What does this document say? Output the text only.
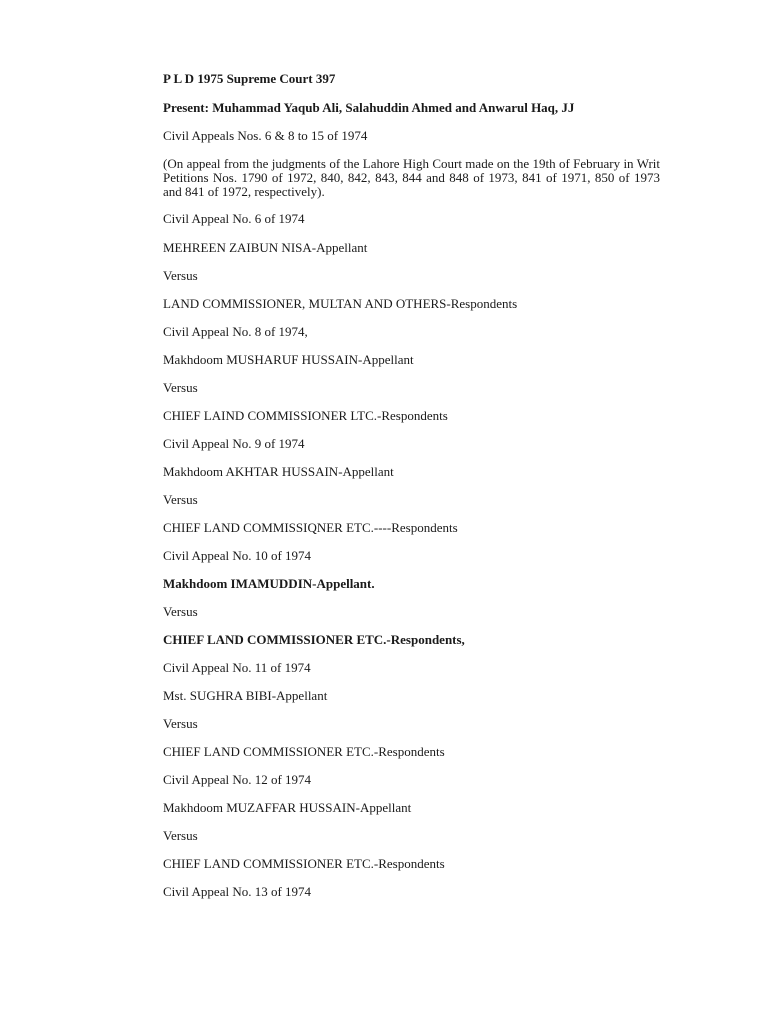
P L D 1975 Supreme Court 397
Present: Muhammad Yaqub Ali, Salahuddin Ahmed and Anwarul Haq, JJ
Civil Appeals Nos. 6 & 8 to 15 of 1974
(On appeal from the judgments of the Lahore High Court made on the 19th of February in Writ Petitions Nos. 1790 of 1972, 840, 842, 843, 844 and 848 of 1973, 841 of 1971, 850 of 1973 and 841 of 1972, respectively).
Civil Appeal No. 6 of 1974
MEHREEN ZAIBUN NISA-Appellant
Versus
LAND COMMISSIONER, MULTAN AND OTHERS-Respondents
Civil Appeal No. 8 of 1974,
Makhdoom MUSHARUF HUSSAIN-Appellant
Versus
CHIEF LAIND COMMISSIONER LTC.-Respondents
Civil Appeal No. 9 of 1974
Makhdoom AKHTAR HUSSAIN-Appellant
Versus
CHIEF LAND COMMISSIQNER ETC.----Respondents
Civil Appeal No. 10 of 1974
Makhdoom IMAMUDDIN-Appellant.
Versus
CHIEF LAND COMMISSIONER ETC.-Respondents,
Civil Appeal No. 11 of 1974
Mst. SUGHRA BIBI-Appellant
Versus
CHIEF LAND COMMISSIONER ETC.-Respondents
Civil Appeal No. 12 of 1974
Makhdoom MUZAFFAR HUSSAIN-Appellant
Versus
CHIEF LAND COMMISSIONER ETC.-Respondents
Civil Appeal No. 13 of 1974
